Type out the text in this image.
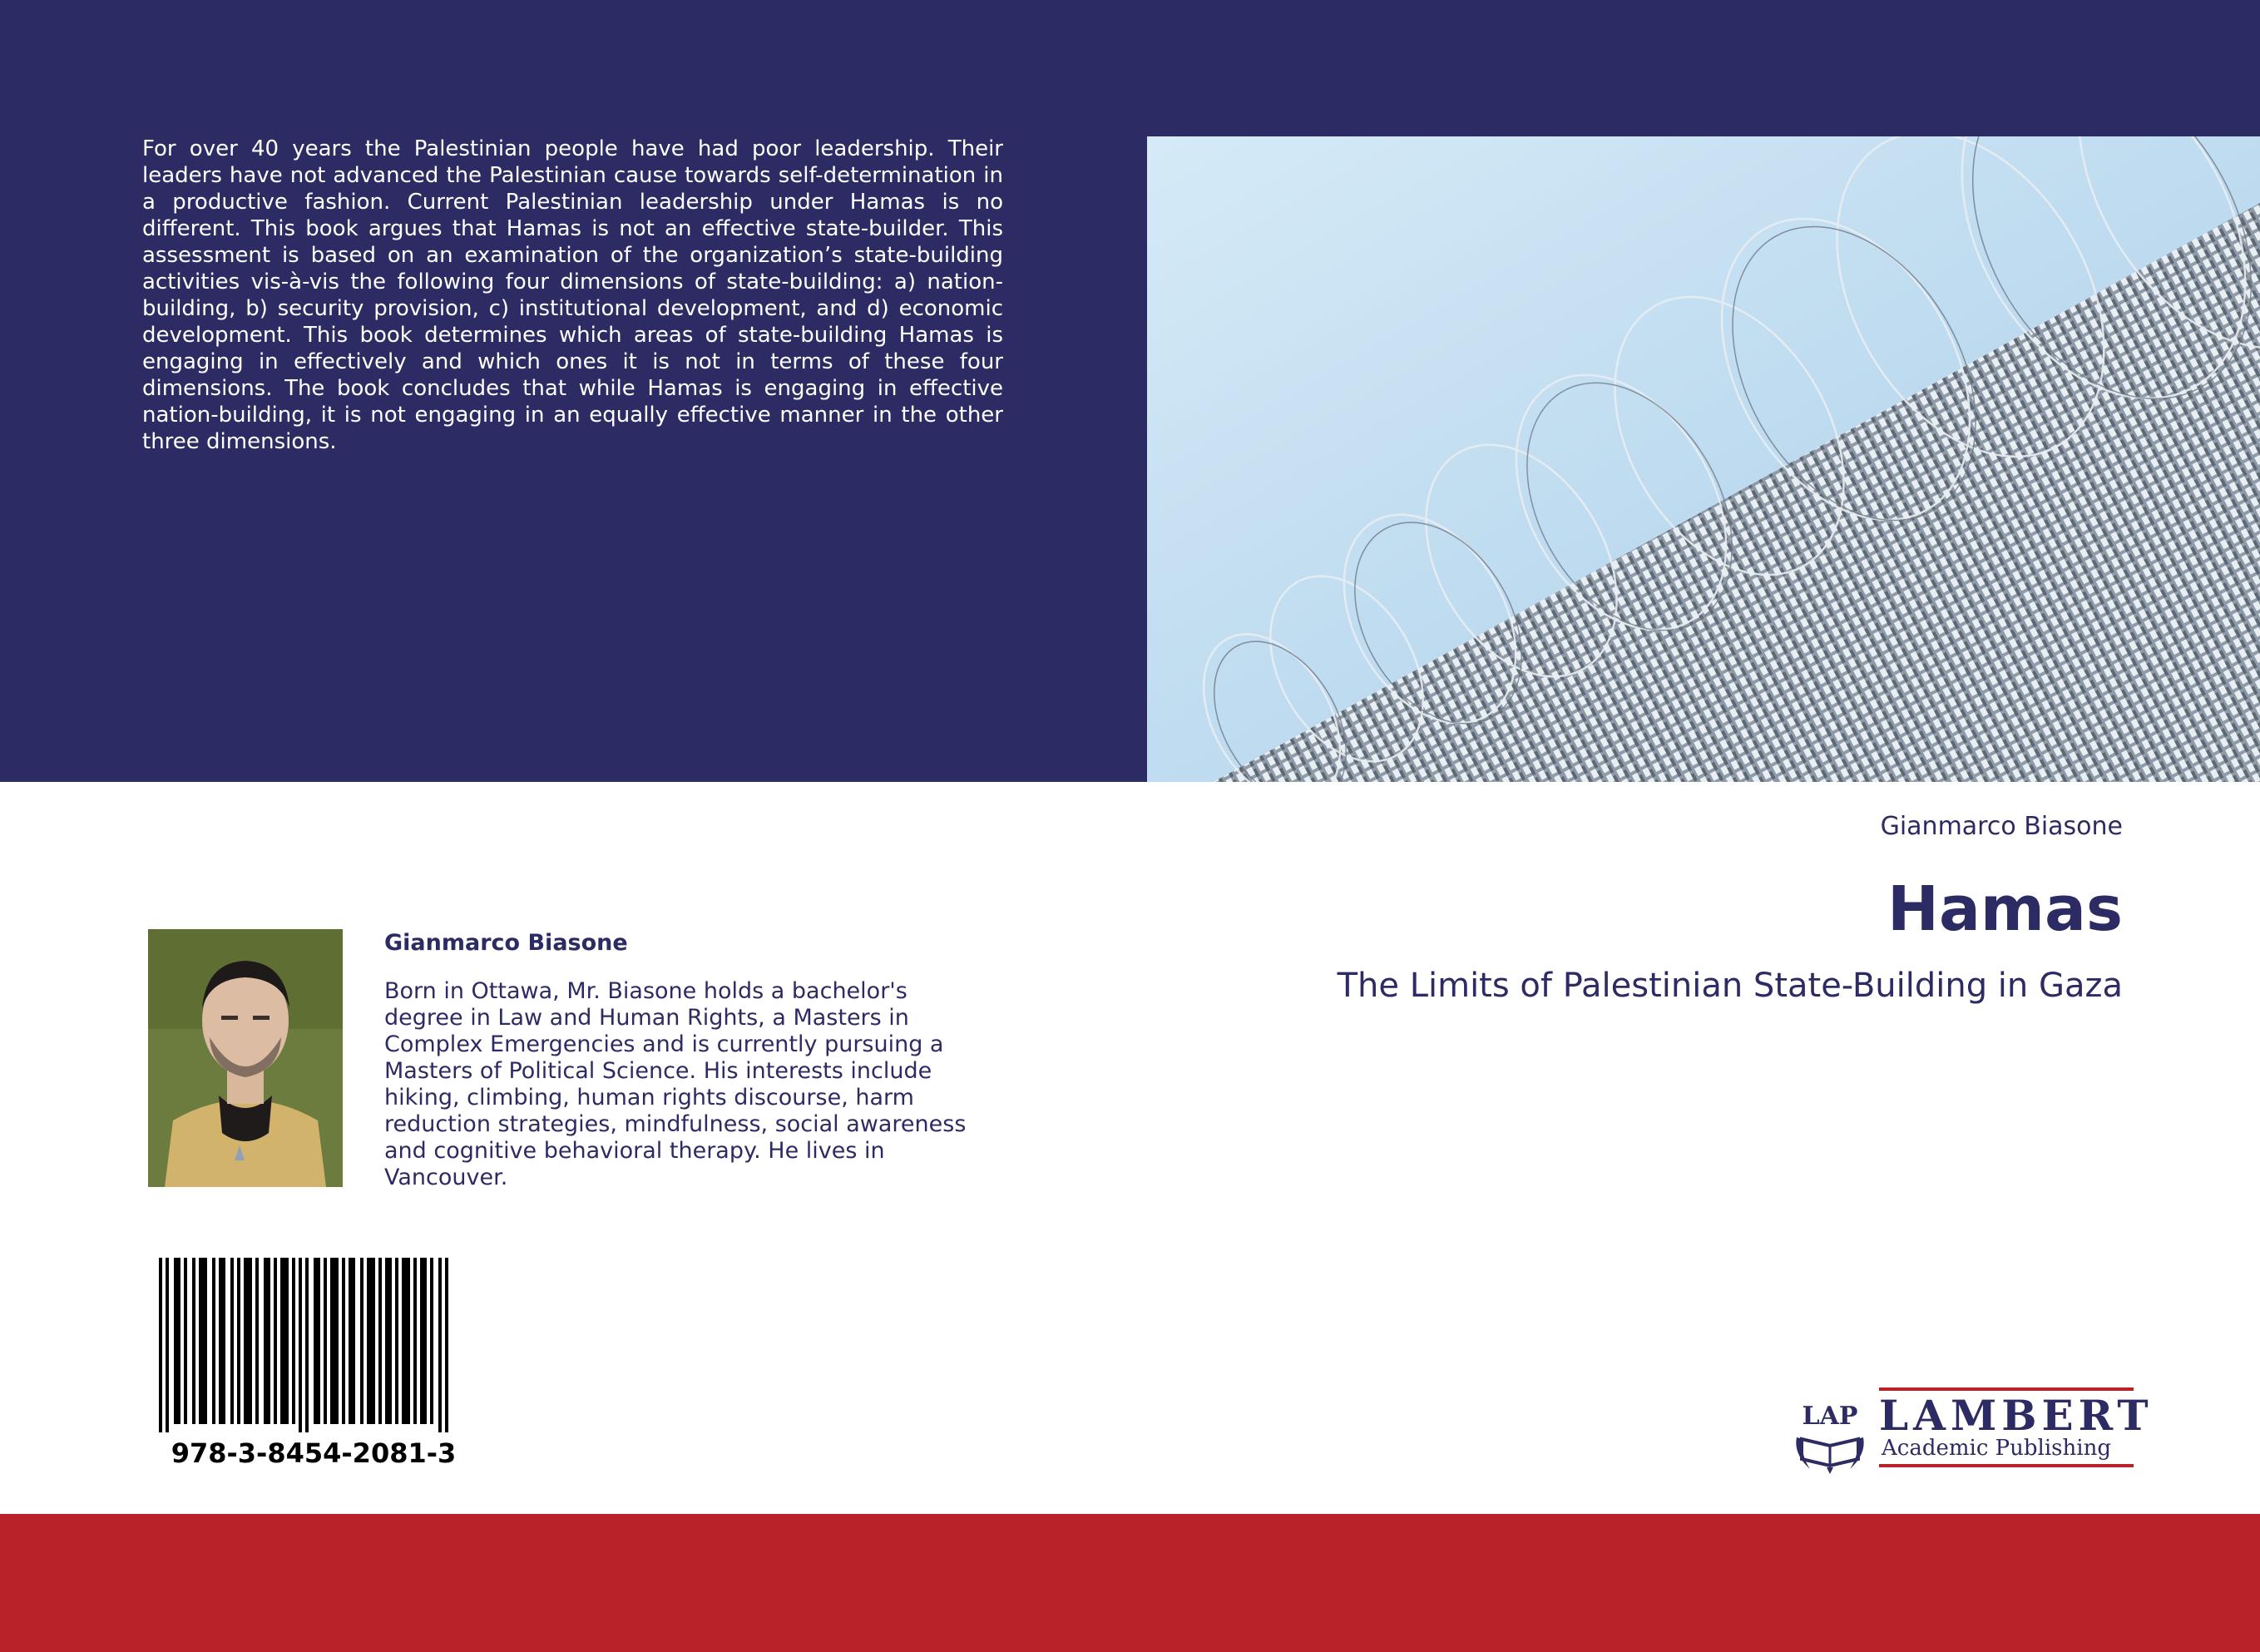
For over 40 years the Palestinian people have had poor leadership. Their leaders have not advanced the Palestinian cause towards self-determination in a productive fashion. Current Palestinian leadership under Hamas is no different. This book argues that Hamas is not an effective state-builder. This assessment is based on an examination of the organization’s state-building activities vis-à-vis the following four dimensions of state-building: a) nation-building, b) security provision, c) institutional development, and d) economic development. This book determines which areas of state-building Hamas is engaging in effectively and which ones it is not in terms of these four dimensions. The book concludes that while Hamas is engaging in effective nation-building, it is not engaging in an equally effective manner in the other three dimensions.

Gianmarco Biasone

Hamas

The Limits of Palestinian State-Building in Gaza

Gianmarco Biasone

Born in Ottawa, Mr. Biasone holds a bachelor's degree in Law and Human Rights, a Masters in Complex Emergencies and is currently pursuing a Masters of Political Science. His interests include hiking, climbing, human rights discourse, harm reduction strategies, mindfulness, social awareness and cognitive behavioral therapy. He lives in Vancouver.

978-3-8454-2081-3

LAP LAMBERT
Academic Publishing
